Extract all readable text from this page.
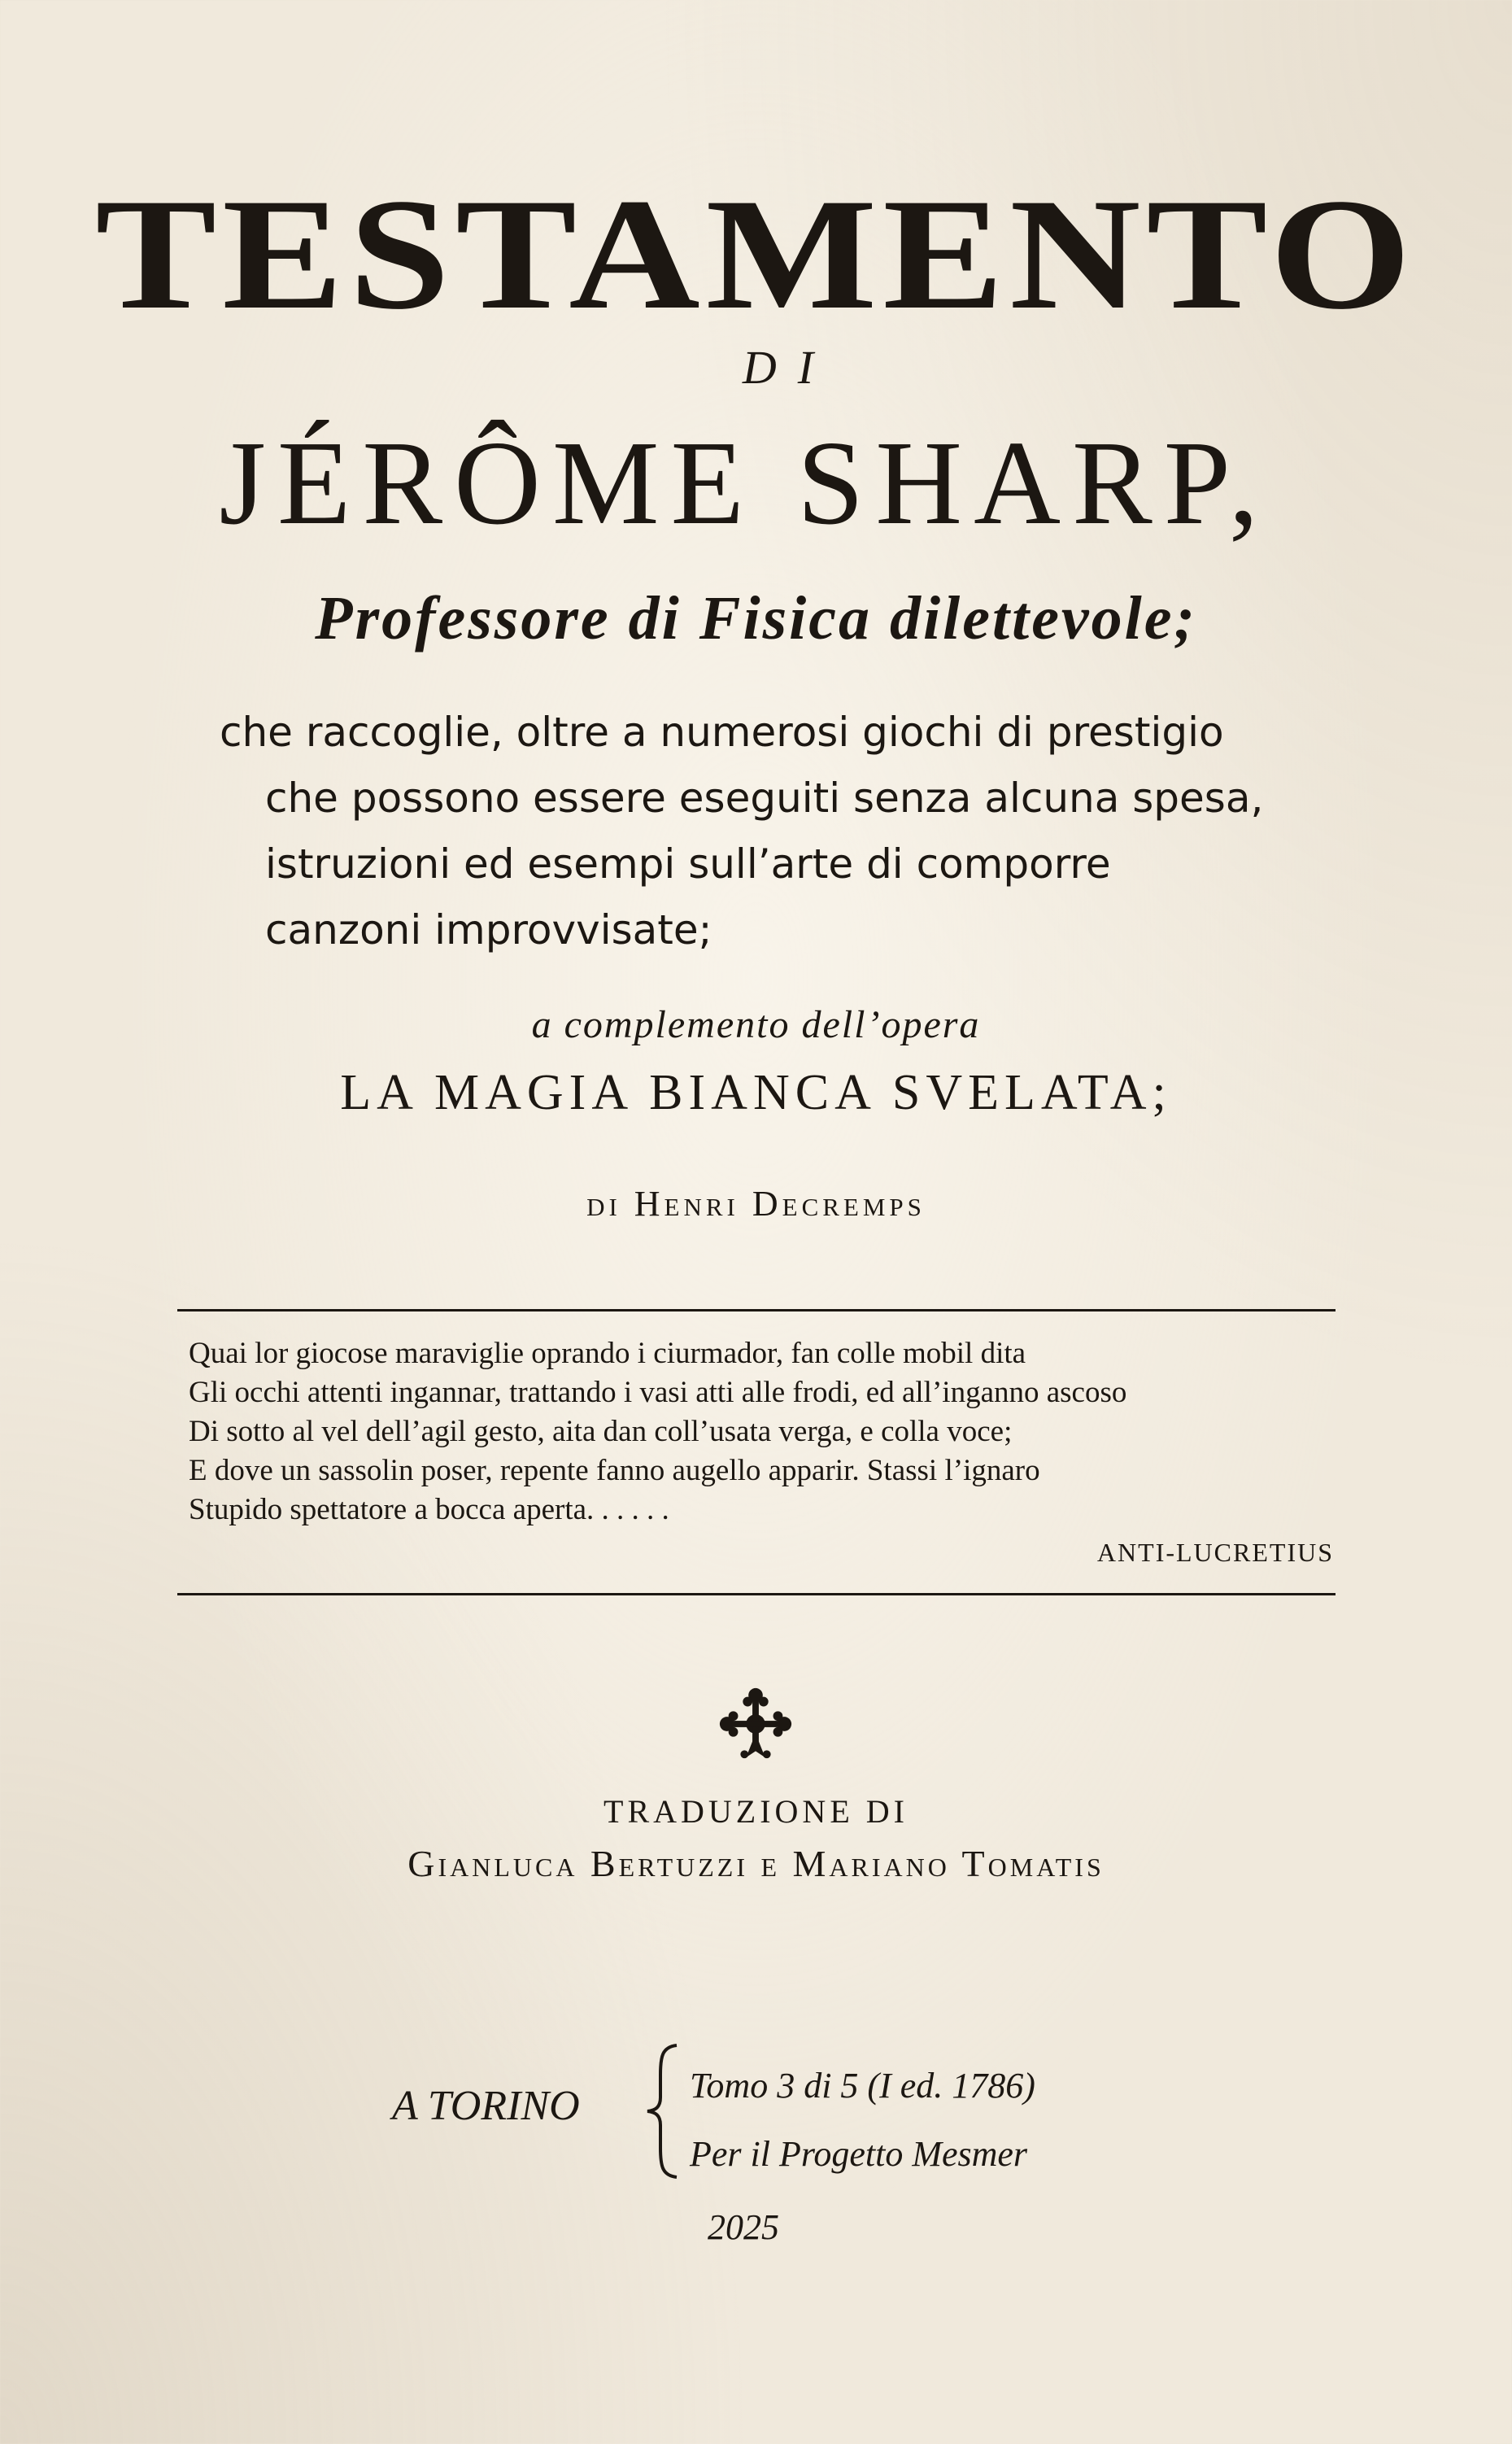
TESTAMENTO
DI
JÉRÔME SHARP,
Professore di Fisica dilettevole;
che raccoglie, oltre a numerosi giochi di prestigio
che possono essere eseguiti senza alcuna spesa,
istruzioni ed esempi sull’arte di comporre
canzoni improvvisate;
a complemento dell’opera
LA MAGIA BIANCA SVELATA;
di Henri Decremps
Quai lor giocose maraviglie oprando i ciurmador, fan colle mobil dita
Gli occhi attenti ingannar, trattando i vasi atti alle frodi, ed all’inganno ascoso
Di sotto al vel dell’agil gesto, aita dan coll’usata verga, e colla voce;
E dove un sassolin poser, repente fanno augello apparir. Stassi l’ignaro
Stupido spettatore a bocca aperta. . . . . .
ANTI-LUCRETIUS
TRADUZIONE DI
Gianluca Bertuzzi e Mariano Tomatis
A TORINO	Tomo 3 di 5 (I ed. 1786)
Per il Progetto Mesmer
2025
